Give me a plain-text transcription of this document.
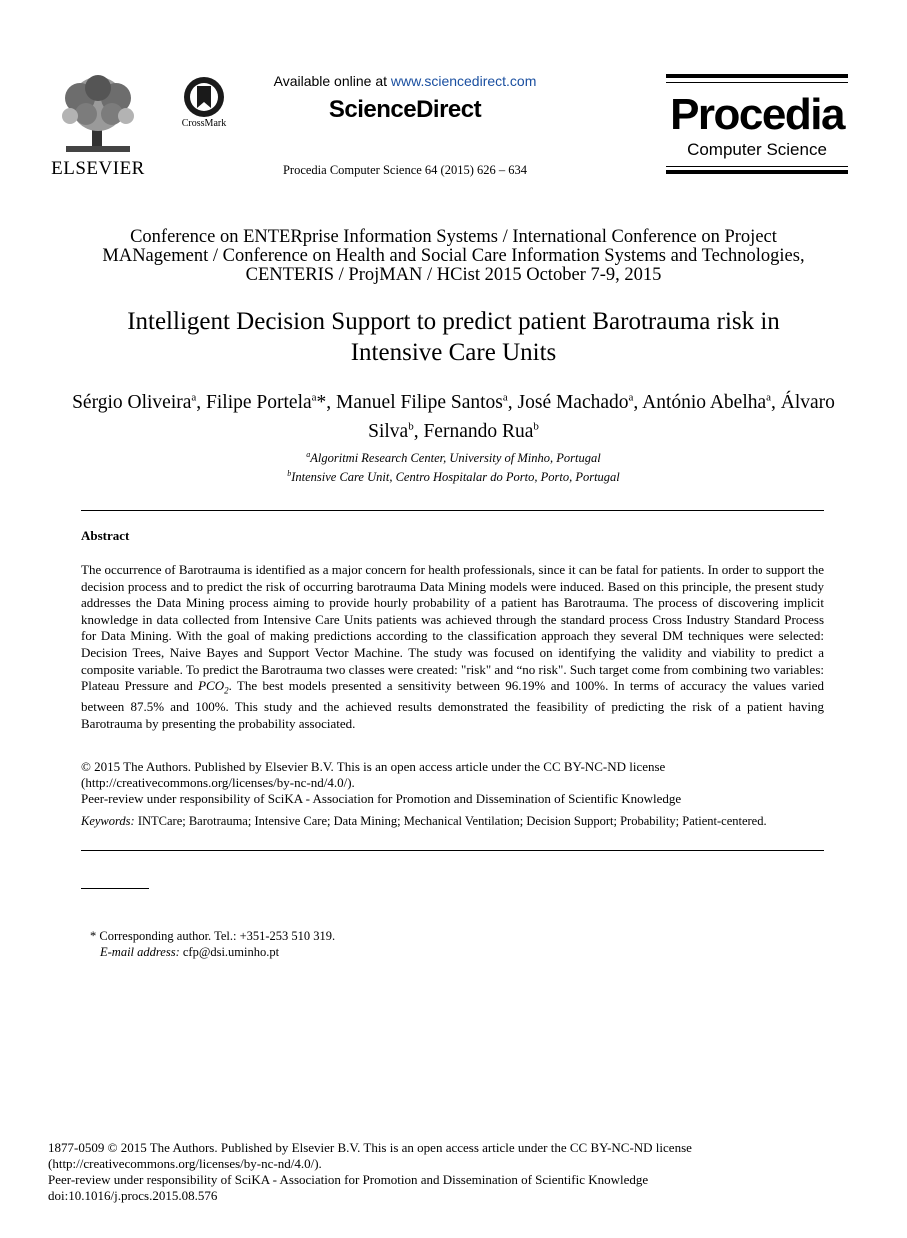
ELSEVIER
CrossMark
Available online at www.sciencedirect.com
ScienceDirect
Procedia Computer Science 64 (2015) 626 – 634
Procedia
Computer Science
Conference on ENTERprise Information Systems / International Conference on Project
MANagement / Conference on Health and Social Care Information Systems and Technologies,
CENTERIS / ProjMAN / HCist 2015 October 7-9, 2015
Intelligent Decision Support to predict patient Barotrauma risk in
Intensive Care Units
Sérgio Oliveira$^a$, Filipe Portela$^a$*, Manuel Filipe Santos$^a$, José Machado$^a$, António Abelha$^a$, Álvaro Silva$^b$, Fernando Rua$^b$
$^a$Algoritmi Research Center, University of Minho, Portugal
$^b$Intensive Care Unit, Centro Hospitalar do Porto, Porto, Portugal
Abstract
The occurrence of Barotrauma is identified as a major concern for health professionals, since it can be fatal for patients. In order to support the decision process and to predict the risk of occurring barotrauma Data Mining models were induced. Based on this principle, the present study addresses the Data Mining process aiming to provide hourly probability of a patient has Barotrauma. The process of discovering implicit knowledge in data collected from Intensive Care Units patients was achieved through the standard process Cross Industry Standard Process for Data Mining. With the goal of making predictions according to the classification approach they several DM techniques were selected: Decision Trees, Naive Bayes and Support Vector Machine. The study was focused on identifying the validity and viability to predict a composite variable. To predict the Barotrauma two classes were created: "risk" and “no risk". Such target come from combining two variables: Plateau Pressure and $PCO_2$. The best models presented a sensitivity between 96.19% and 100%. In terms of accuracy the values varied between 87.5% and 100%. This study and the achieved results demonstrated the feasibility of predicting the risk of a patient having Barotrauma by presenting the probability associated.
© 2015 The Authors. Published by Elsevier B.V. This is an open access article under the CC BY-NC-ND license
(http://creativecommons.org/licenses/by-nc-nd/4.0/).
Peer-review under responsibility of SciKA - Association for Promotion and Dissemination of Scientific Knowledge
Keywords: INTCare; Barotrauma; Intensive Care; Data Mining; Mechanical Ventilation; Decision Support; Probability; Patient-centered.
* Corresponding author. Tel.: +351-253 510 319.
E-mail address: cfp@dsi.uminho.pt
1877-0509 © 2015 The Authors. Published by Elsevier B.V. This is an open access article under the CC BY-NC-ND license
(http://creativecommons.org/licenses/by-nc-nd/4.0/).
Peer-review under responsibility of SciKA - Association for Promotion and Dissemination of Scientific Knowledge
doi:10.1016/j.procs.2015.08.576
